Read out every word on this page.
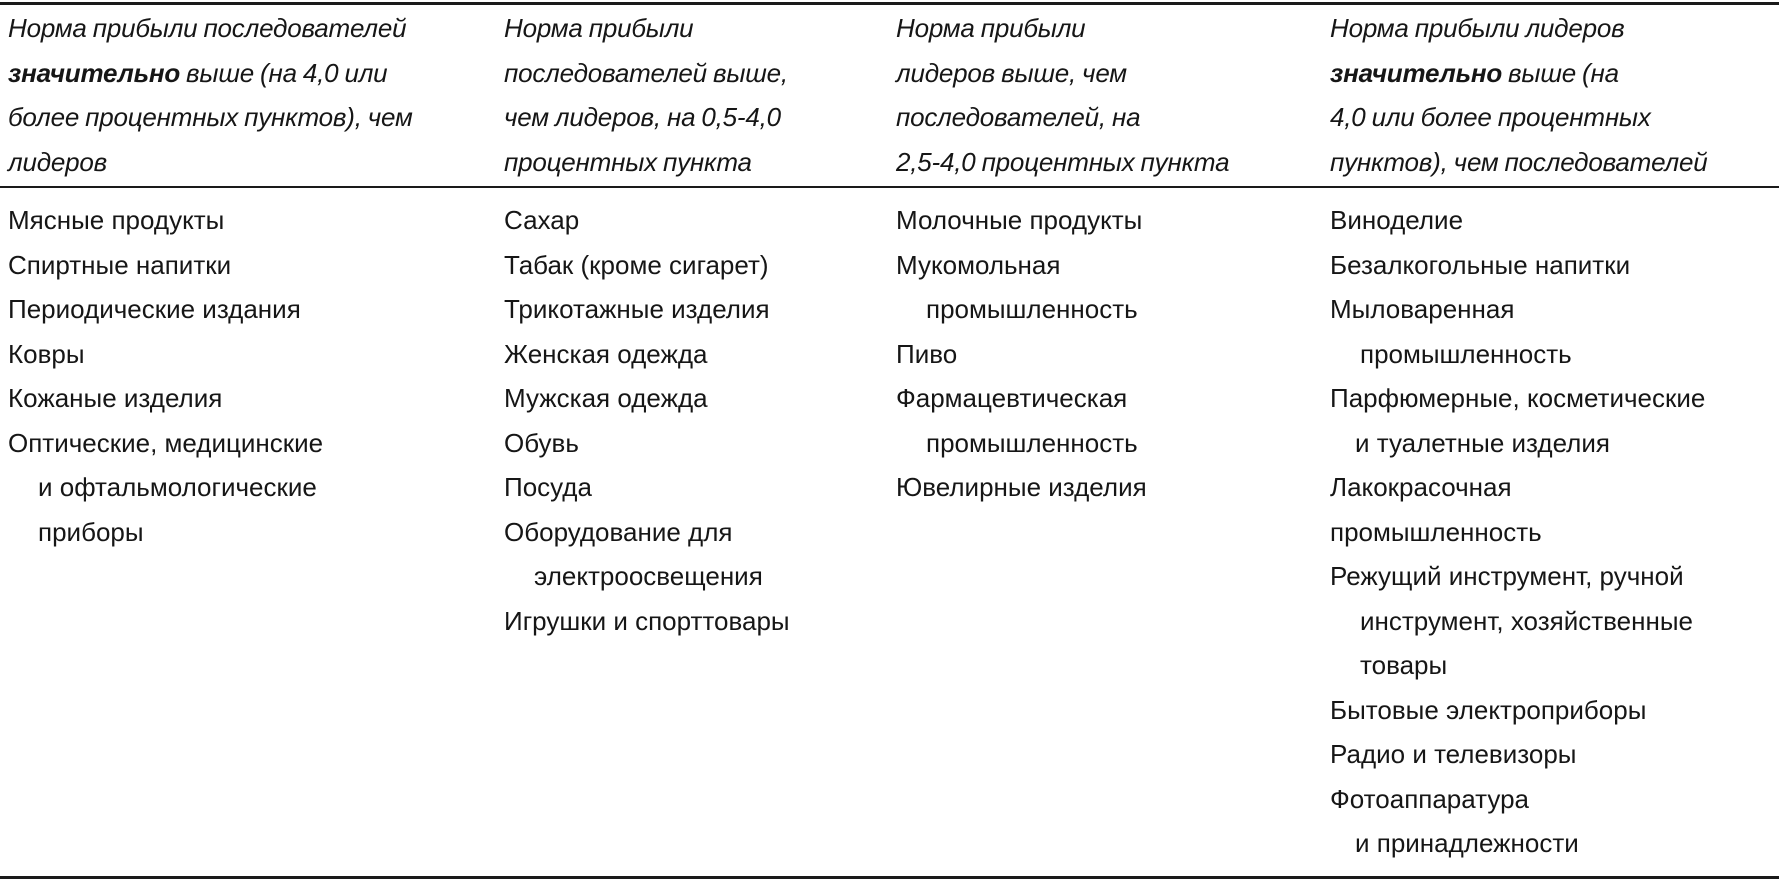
Норма прибыли последователей
значительно выше (на 4,0 или
более процентных пунктов), чем
лидеров
Мясные продукты
Спиртные напитки
Периодические издания
Ковры
Кожаные изделия
Оптические, медицинские
и офтальмологические
приборы
Норма прибыли
последователей выше,
чем лидеров, на 0,5-4,0
процентных пункта
Сахар
Табак (кроме сигарет)
Трикотажные изделия
Женская одежда
Мужская одежда
Обувь
Посуда
Оборудование для
электроосвещения
Игрушки и спорттовары
Норма прибыли
лидеров выше, чем
последователей, на
2,5-4,0 процентных пункта
Молочные продукты
Мукомольная
промышленность
Пиво
Фармацевтическая
промышленность
Ювелирные изделия
Норма прибыли лидеров
значительно выше (на
4,0 или более процентных
пунктов), чем последователей
Виноделие
Безалкогольные напитки
Мыловаренная
промышленность
Парфюмерные, косметические
и туалетные изделия
Лакокрасочная
промышленность
Режущий инструмент, ручной
инструмент, хозяйственные
товары
Бытовые электроприборы
Радио и телевизоры
Фотоаппаратура
и принадлежности
